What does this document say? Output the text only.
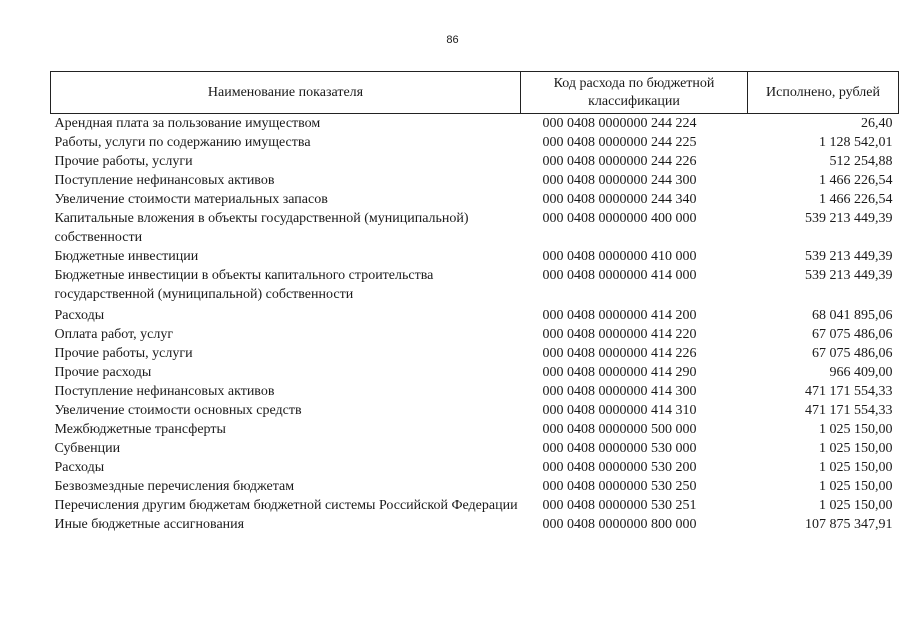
86
Наименование показателя	Код расхода по бюджетной классификации	Исполнено, рублей
Арендная плата за пользование имуществом	000 0408 0000000 244 224	26,40
Работы, услуги по содержанию имущества	000 0408 0000000 244 225	1 128 542,01
Прочие работы, услуги	000 0408 0000000 244 226	512 254,88
Поступление нефинансовых активов	000 0408 0000000 244 300	1 466 226,54
Увеличение стоимости материальных запасов	000 0408 0000000 244 340	1 466 226,54
Капитальные вложения в объекты государственной (муниципальной) собственности	000 0408 0000000 400 000	539 213 449,39
Бюджетные инвестиции	000 0408 0000000 410 000	539 213 449,39
Бюджетные инвестиции в объекты капитального строительства государственной (муниципальной) собственности	000 0408 0000000 414 000	539 213 449,39
Расходы	000 0408 0000000 414 200	68 041 895,06
Оплата работ, услуг	000 0408 0000000 414 220	67 075 486,06
Прочие работы, услуги	000 0408 0000000 414 226	67 075 486,06
Прочие расходы	000 0408 0000000 414 290	966 409,00
Поступление нефинансовых активов	000 0408 0000000 414 300	471 171 554,33
Увеличение стоимости основных средств	000 0408 0000000 414 310	471 171 554,33
Межбюджетные трансферты	000 0408 0000000 500 000	1 025 150,00
Субвенции	000 0408 0000000 530 000	1 025 150,00
Расходы	000 0408 0000000 530 200	1 025 150,00
Безвозмездные перечисления бюджетам	000 0408 0000000 530 250	1 025 150,00
Перечисления другим бюджетам бюджетной системы Российской Федерации	000 0408 0000000 530 251	1 025 150,00
Иные бюджетные ассигнования	000 0408 0000000 800 000	107 875 347,91
